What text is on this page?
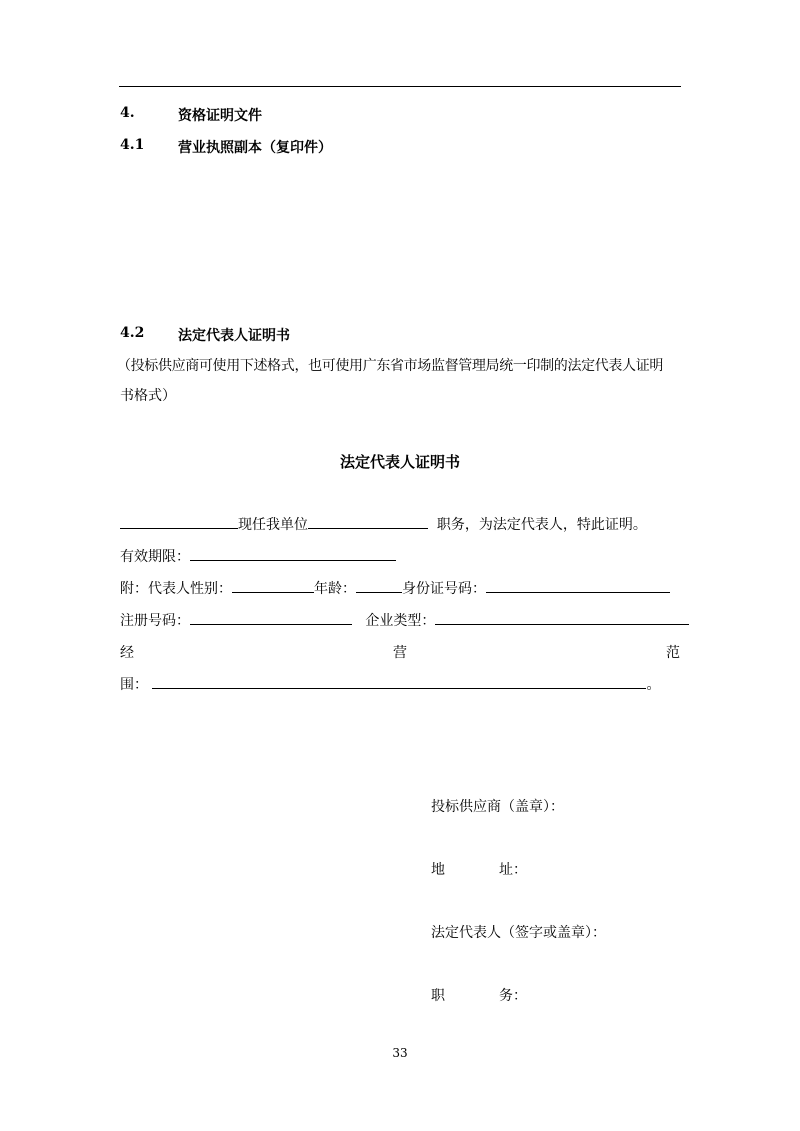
4.	资格证明文件
4.1 营业执照副本（复印件）
4.2 法定代表人证明书
（投标供应商可使用下述格式，也可使用广东省市场监督管理局统一印制的法定代表人证明
书格式）
法定代表人证明书
现任我单位	职务，为法定代表人，特此证明。
有效期限：
附：代表人性别：	年龄：	身份证号码：
注册号码：	企业类型：
经	营	范
围：	。
投标供应商（盖章）：
地	址：
法定代表人（签字或盖章）：
职	务：
33
